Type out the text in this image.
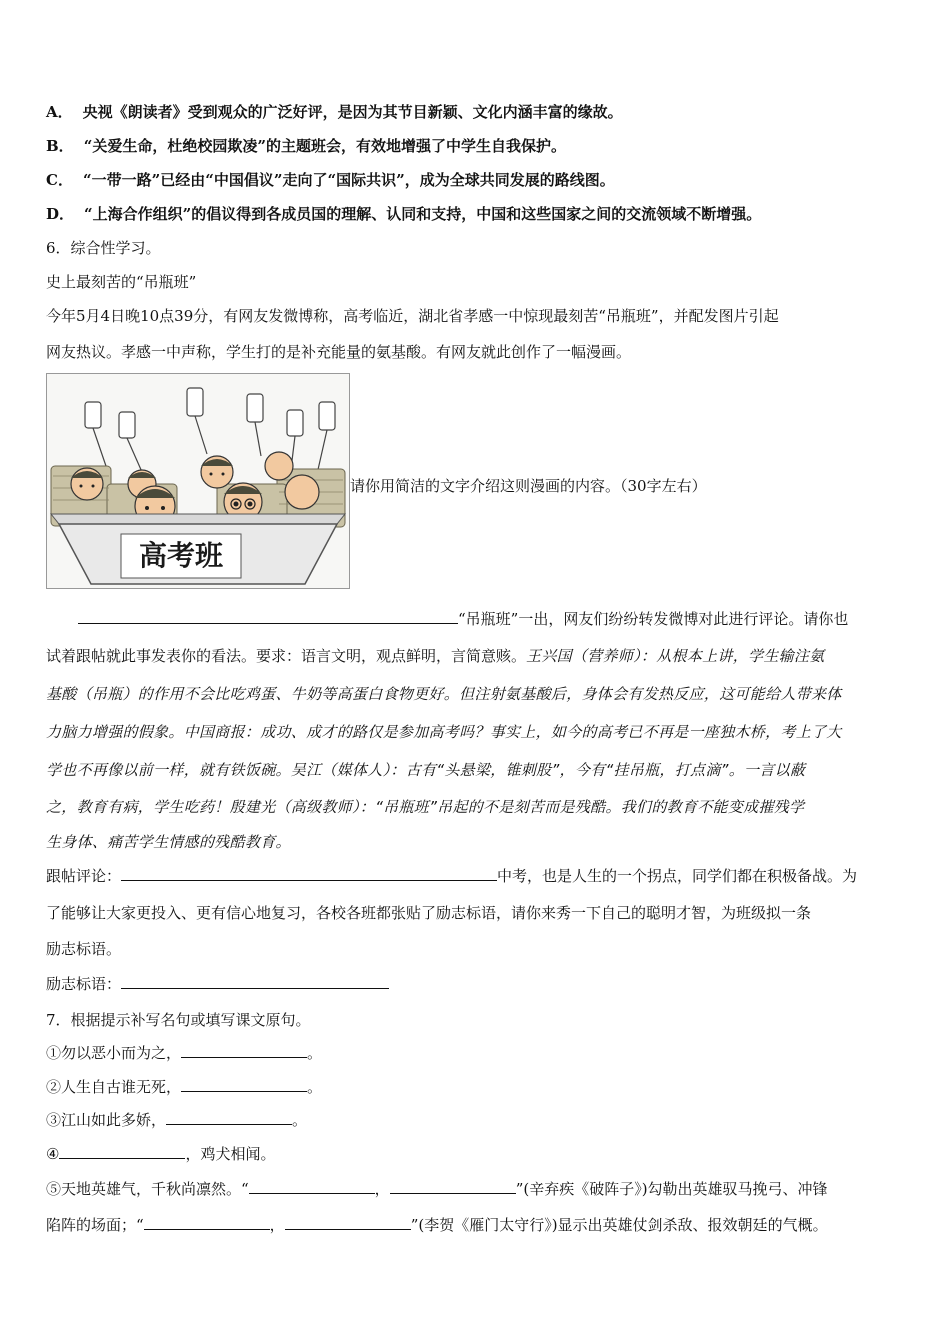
A． 央视《朗读者》受到观众的广泛好评，是因为其节目新颖、文化内涵丰富的缘故。
B． “关爱生命，杜绝校园欺凌”的主题班会，有效地增强了中学生自我保护。
C． “一带一路”已经由“中国倡议”走向了“国际共识”，成为全球共同发展的路线图。
D． “上海合作组织”的倡议得到各成员国的理解、认同和支持，中国和这些国家之间的交流领域不断增强。
6．综合性学习。
史上最刻苦的“吊瓶班”
今年5月4日晚10点39分，有网友发微博称，高考临近，湖北省孝感一中惊现最刻苦“吊瓶班”，并配发图片引起
网友热议。孝感一中声称，学生打的是补充能量的氨基酸。有网友就此创作了一幅漫画。
高考班
请你用简洁的文字介绍这则漫画的内容。（30字左右）
“吊瓶班”一出，网友们纷纷转发微博对此进行评论。请你也
试着跟帖就此事发表你的看法。要求：语言文明，观点鲜明，言简意赅。王兴国（营养师）：从根本上讲，学生输注氨
基酸（吊瓶）的作用不会比吃鸡蛋、牛奶等高蛋白食物更好。但注射氨基酸后，身体会有发热反应，这可能给人带来体
力脑力增强的假象。中国商报：成功、成才的路仅是参加高考吗？事实上，如今的高考已不再是一座独木桥，考上了大
学也不再像以前一样，就有铁饭碗。吴江（媒体人）：古有“头悬梁，锥刺股”，今有“挂吊瓶，打点滴”。一言以蔽
之，教育有病，学生吃药！殷建光（高级教师）：“吊瓶班”吊起的不是刻苦而是残酷。我们的教育不能变成摧残学
生身体、痛苦学生情感的残酷教育。
跟帖评论：	中考，也是人生的一个拐点，同学们都在积极备战。为
了能够让大家更投入、更有信心地复习，各校各班都张贴了励志标语，请你来秀一下自己的聪明才智，为班级拟一条
励志标语。
励志标语：
7．根据提示补写名句或填写课文原句。
①勿以恶小而为之，	。
②人生自古谁无死，	。
③江山如此多娇，	。
④	，鸡犬相闻。
⑤天地英雄气，千秋尚凛然。“	，	”(辛弃疾《破阵子》)勾勒出英雄驭马挽弓、冲锋
陷阵的场面；“	，	”(李贺《雁门太守行》)显示出英雄仗剑杀敌、报效朝廷的气概。
